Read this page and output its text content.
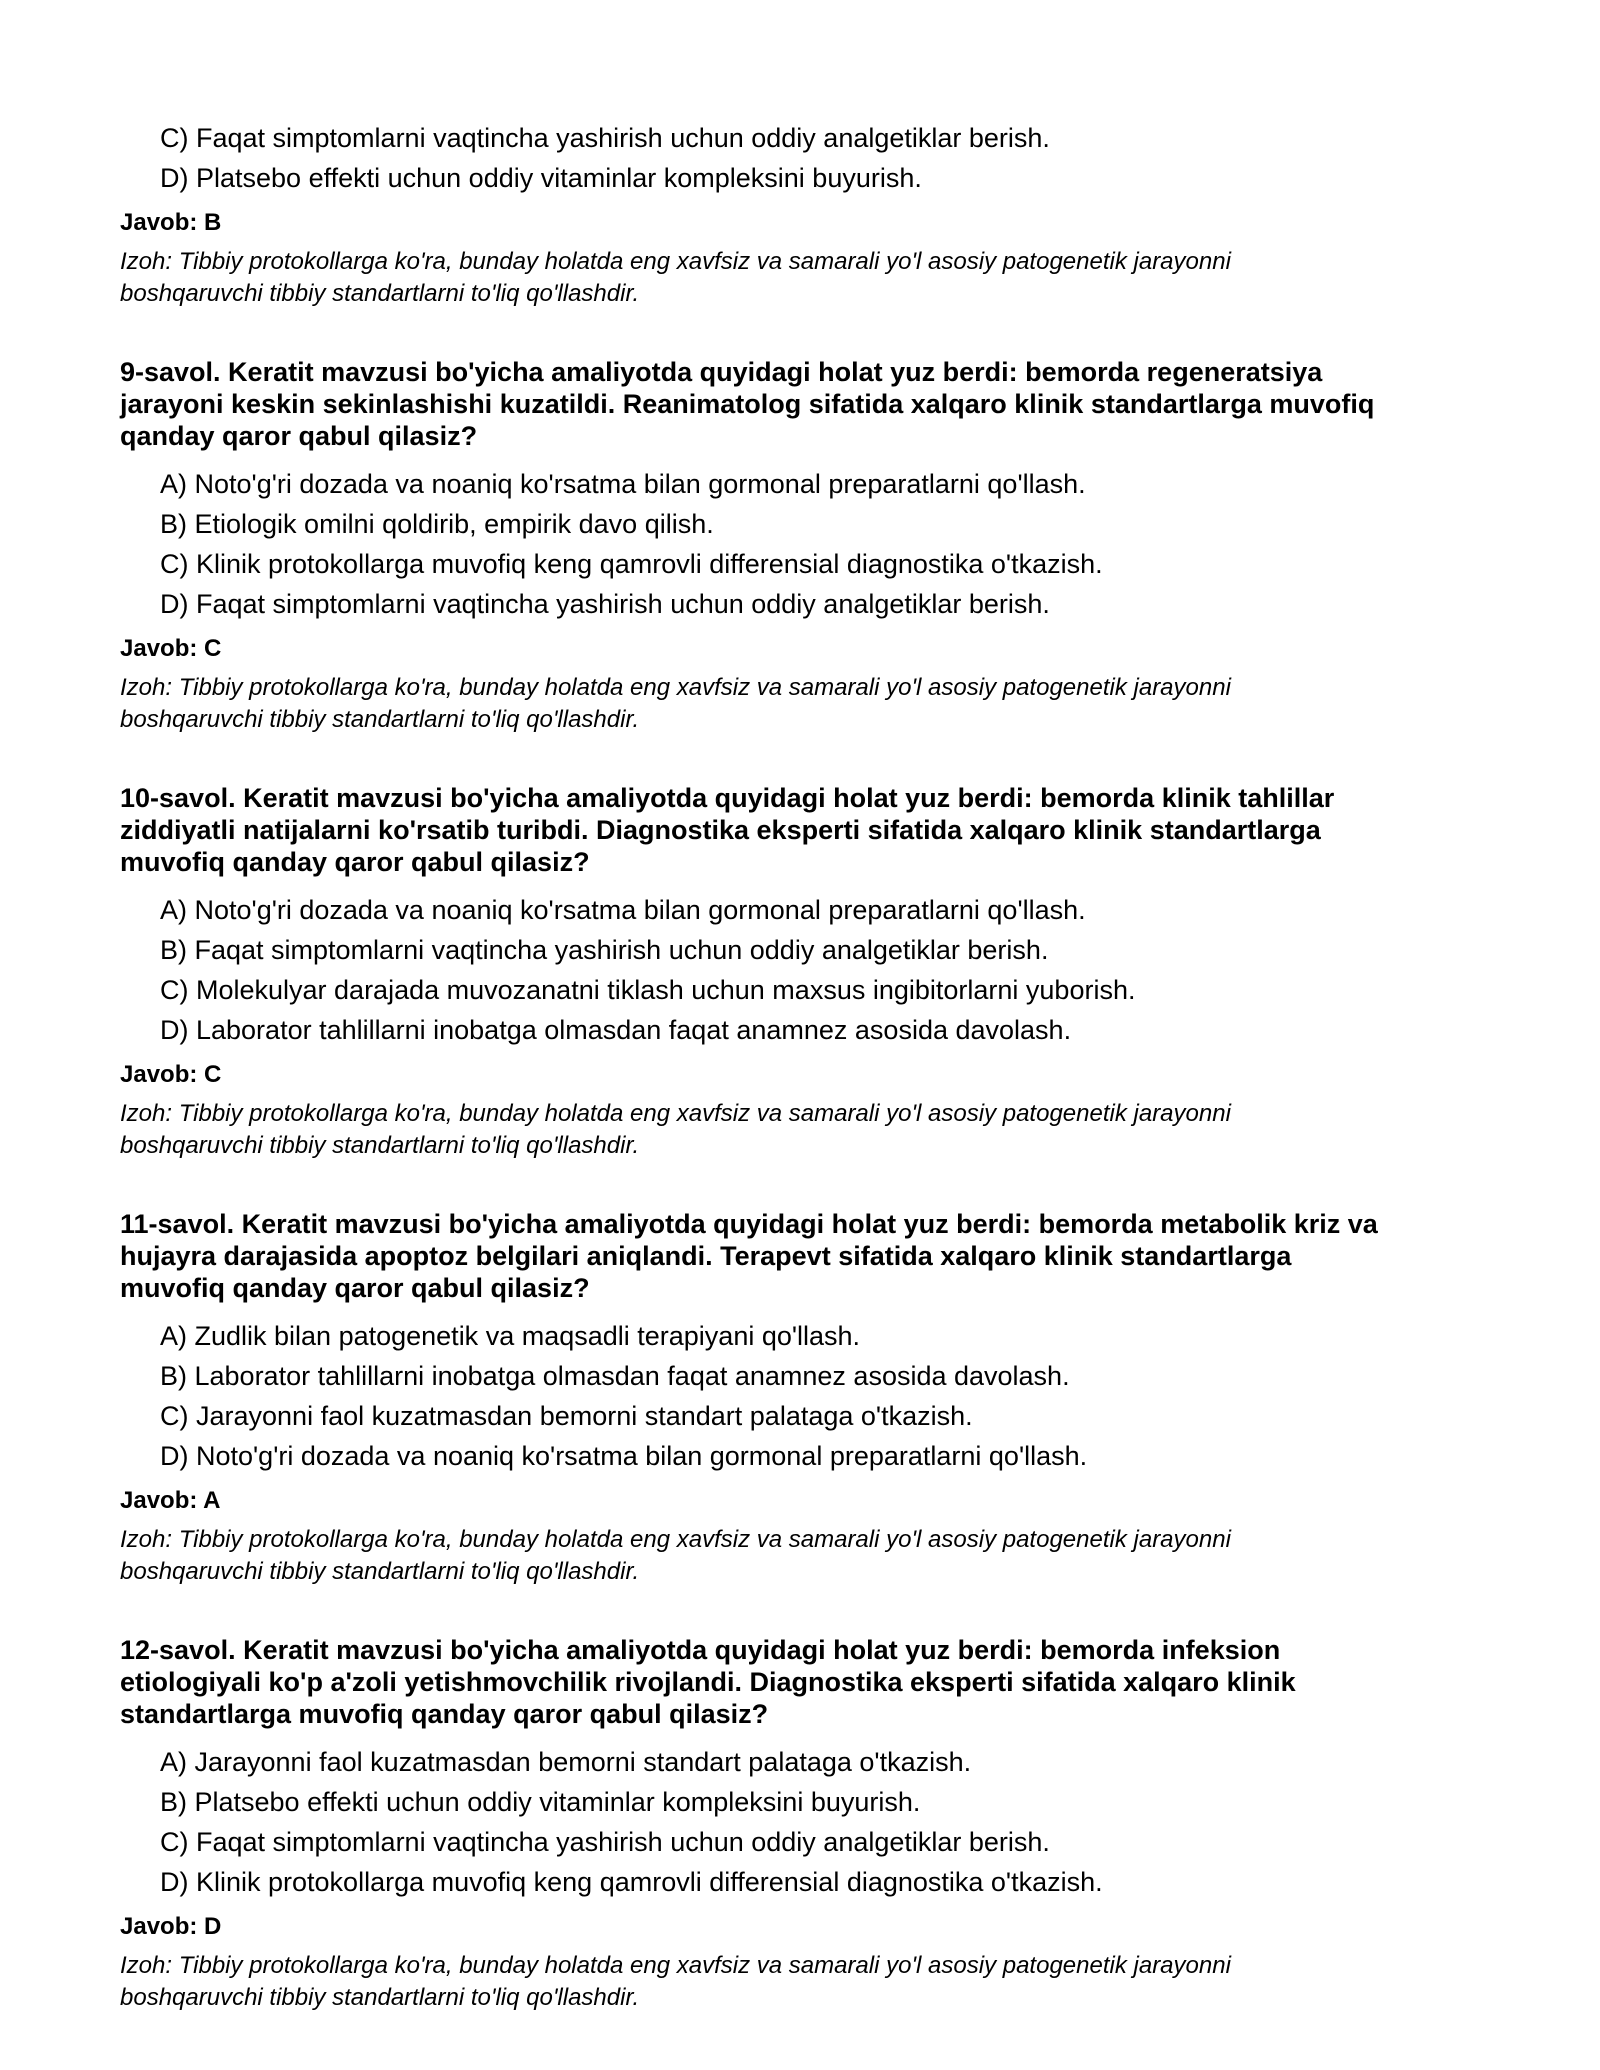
C) Faqat simptomlarni vaqtincha yashirish uchun oddiy analgetiklar berish.
D) Platsebo effekti uchun oddiy vitaminlar kompleksini buyurish.

Javob: B

Izoh: Tibbiy protokollarga ko'ra, bunday holatda eng xavfsiz va samarali yo'l asosiy patogenetik jarayonni
boshqaruvchi tibbiy standartlarni to'liq qo'llashdir.

9-savol. Keratit mavzusi bo'yicha amaliyotda quyidagi holat yuz berdi: bemorda regeneratsiya
jarayoni keskin sekinlashishi kuzatildi. Reanimatolog sifatida xalqaro klinik standartlarga muvofiq
qanday qaror qabul qilasiz?

A) Noto'g'ri dozada va noaniq ko'rsatma bilan gormonal preparatlarni qo'llash.
B) Etiologik omilni qoldirib, empirik davo qilish.
C) Klinik protokollarga muvofiq keng qamrovli differensial diagnostika o'tkazish.
D) Faqat simptomlarni vaqtincha yashirish uchun oddiy analgetiklar berish.

Javob: C

Izoh: Tibbiy protokollarga ko'ra, bunday holatda eng xavfsiz va samarali yo'l asosiy patogenetik jarayonni
boshqaruvchi tibbiy standartlarni to'liq qo'llashdir.

10-savol. Keratit mavzusi bo'yicha amaliyotda quyidagi holat yuz berdi: bemorda klinik tahlillar
ziddiyatli natijalarni ko'rsatib turibdi. Diagnostika eksperti sifatida xalqaro klinik standartlarga
muvofiq qanday qaror qabul qilasiz?

A) Noto'g'ri dozada va noaniq ko'rsatma bilan gormonal preparatlarni qo'llash.
B) Faqat simptomlarni vaqtincha yashirish uchun oddiy analgetiklar berish.
C) Molekulyar darajada muvozanatni tiklash uchun maxsus ingibitorlarni yuborish.
D) Laborator tahlillarni inobatga olmasdan faqat anamnez asosida davolash.

Javob: C

Izoh: Tibbiy protokollarga ko'ra, bunday holatda eng xavfsiz va samarali yo'l asosiy patogenetik jarayonni
boshqaruvchi tibbiy standartlarni to'liq qo'llashdir.

11-savol. Keratit mavzusi bo'yicha amaliyotda quyidagi holat yuz berdi: bemorda metabolik kriz va
hujayra darajasida apoptoz belgilari aniqlandi. Terapevt sifatida xalqaro klinik standartlarga
muvofiq qanday qaror qabul qilasiz?

A) Zudlik bilan patogenetik va maqsadli terapiyani qo'llash.
B) Laborator tahlillarni inobatga olmasdan faqat anamnez asosida davolash.
C) Jarayonni faol kuzatmasdan bemorni standart palataga o'tkazish.
D) Noto'g'ri dozada va noaniq ko'rsatma bilan gormonal preparatlarni qo'llash.

Javob: A

Izoh: Tibbiy protokollarga ko'ra, bunday holatda eng xavfsiz va samarali yo'l asosiy patogenetik jarayonni
boshqaruvchi tibbiy standartlarni to'liq qo'llashdir.

12-savol. Keratit mavzusi bo'yicha amaliyotda quyidagi holat yuz berdi: bemorda infeksion
etiologiyali ko'p a'zoli yetishmovchilik rivojlandi. Diagnostika eksperti sifatida xalqaro klinik
standartlarga muvofiq qanday qaror qabul qilasiz?

A) Jarayonni faol kuzatmasdan bemorni standart palataga o'tkazish.
B) Platsebo effekti uchun oddiy vitaminlar kompleksini buyurish.
C) Faqat simptomlarni vaqtincha yashirish uchun oddiy analgetiklar berish.
D) Klinik protokollarga muvofiq keng qamrovli differensial diagnostika o'tkazish.

Javob: D

Izoh: Tibbiy protokollarga ko'ra, bunday holatda eng xavfsiz va samarali yo'l asosiy patogenetik jarayonni
boshqaruvchi tibbiy standartlarni to'liq qo'llashdir.
